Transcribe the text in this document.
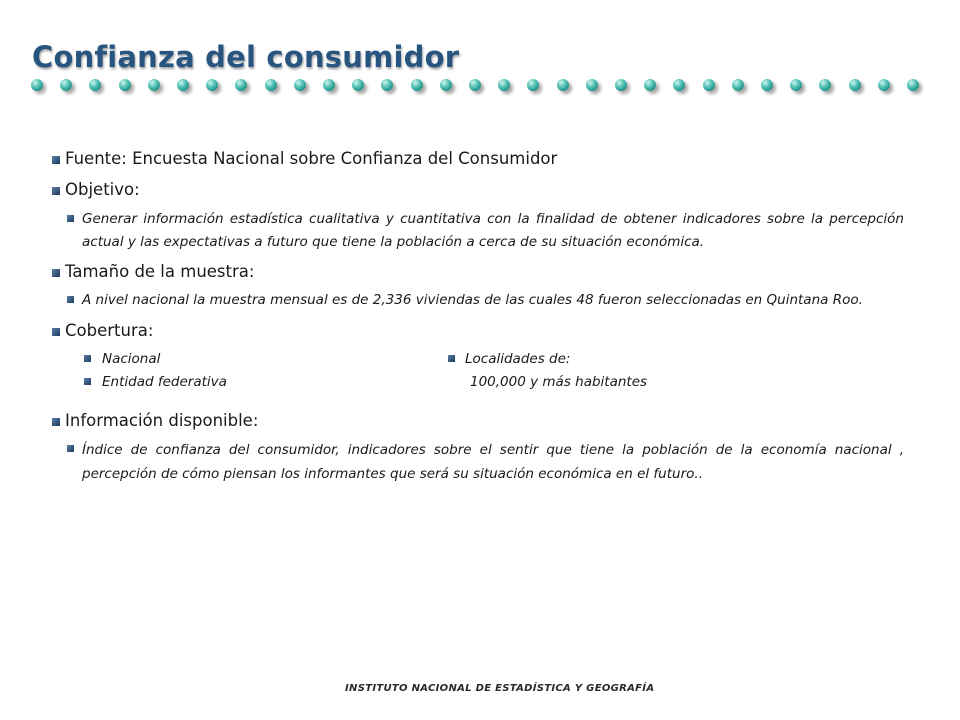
Confianza del consumidor
Fuente: Encuesta Nacional sobre Confianza del Consumidor
Objetivo:
Generar información estadística cualitativa y cuantitativa con la finalidad de obtener indicadores sobre la percepción actual y las expectativas a futuro que tiene la población a cerca de su situación económica.
Tamaño de la muestra:
A nivel nacional la muestra mensual es de 2,336 viviendas de las cuales 48 fueron seleccionadas en Quintana Roo.
Cobertura:
Nacional
Entidad federativa
Localidades de:
100,000 y más habitantes
Información disponible:
Índice de confianza del consumidor, indicadores sobre el sentir que tiene la población de la economía nacional , percepción de cómo piensan los informantes que será su situación económica en el futuro..
INSTITUTO NACIONAL DE ESTADÍSTICA Y GEOGRAFÍA
